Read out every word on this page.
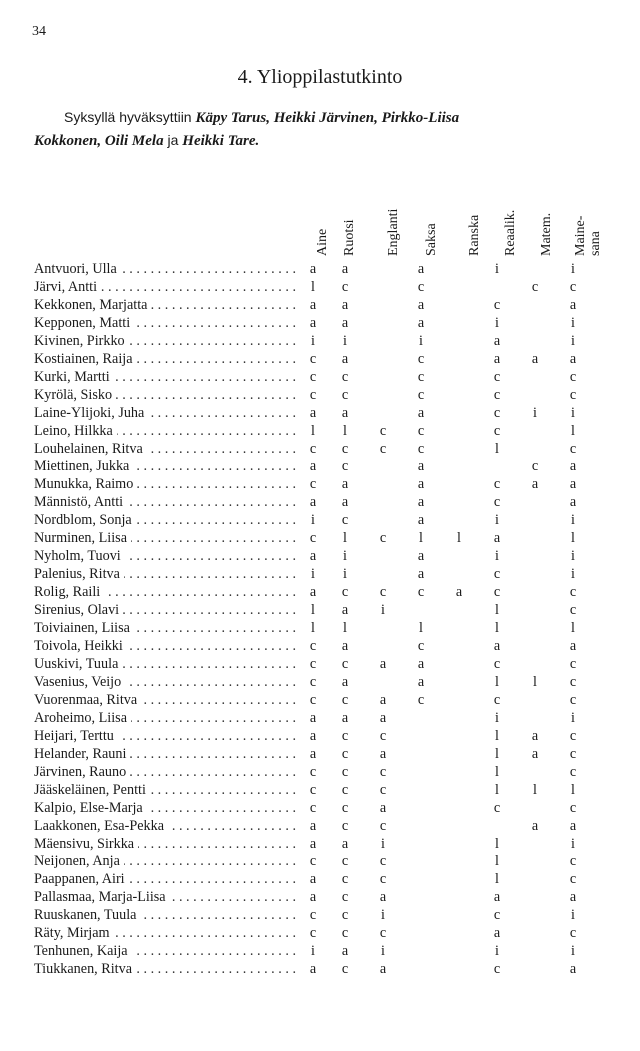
34
4. Ylioppilastutkinto
Syksyllä hyväksyttiin Käpy Tarus, Heikki Järvinen, Pirkko-Liisa
Kokkonen, Oili Mela ja Heikki Tare.
Aine Ruotsi Englanti Saksa Ranska Reaalik. Matem. Maine- sana
. . .
Antvuori, Ulla	a	a		a		i		i

. . .
Järvi, Antti	l	c		c			c	c

. . .
Kekkonen, Marjatta	a	a		a		c		a

. . .
Kepponen, Matti	a	a		a		i		i

. . .
Kivinen, Pirkko	i	i		i		a		i

. . .
Kostiainen, Raija	c	a		c		a	a	a

. . .
Kurki, Martti	c	c		c		c		c

. . .
Kyrölä, Sisko	c	c		c		c		c

. . .
Laine-Ylijoki, Juha	a	a		a		c	i	i

. . .
Leino, Hilkka	l	l	c	c		c		l

. . .
Louhelainen, Ritva	c	c	c	c		l		c

. . .
Miettinen, Jukka	a	c		a			c	a

. . .
Munukka, Raimo	c	a		a		c	a	a

. . .
Männistö, Antti	a	a		a		c		a

. . .
Nordblom, Sonja	i	c		a		i		i

. . .
Nurminen, Liisa	c	l	c	l	l	a		l

. . .
Nyholm, Tuovi	a	i		a		i		i

. . .
Palenius, Ritva	i	i		a		c		i

. . .
Rolig, Raili	a	c	c	c	a	c		c

. . .
Sirenius, Olavi	l	a	i			l		c

. . .
Toiviainen, Liisa	l	l		l		l		l

. . .
Toivola, Heikki	c	a		c		a		a

. . .
Uuskivi, Tuula	c	c	a	a		c		c

. . .
Vasenius, Veijo	c	a		a		l	l	c

. . .
Vuorenmaa, Ritva	c	c	a	c		c		c

. . .
Aroheimo, Liisa	a	a	a			i		i

. . .
Heijari, Terttu	a	c	c			l	a	c

. . .
Helander, Rauni	a	c	a			l	a	c

. . .
Järvinen, Rauno	c	c	c			l		c

. . .
Jääskeläinen, Pentti	c	c	c			l	l	l

. . .
Kalpio, Else-Marja	c	c	a			c		c

. . .
Laakkonen, Esa-Pekka	a	c	c				a	a

. . .
Mäensivu, Sirkka	a	a	i			l		i

. . .
Neijonen, Anja	c	c	c			l		c

. . .
Paappanen, Airi	a	c	c			l		c

. . .
Pallasmaa, Marja-Liisa	a	c	a			a		a

. . .
Ruuskanen, Tuula	c	c	i			c		i

. . .
Räty, Mirjam	c	c	c			a		c

. . .
Tenhunen, Kaija	i	a	i			i		i

. . .
Tiukkanen, Ritva	a	c	a			c		a
